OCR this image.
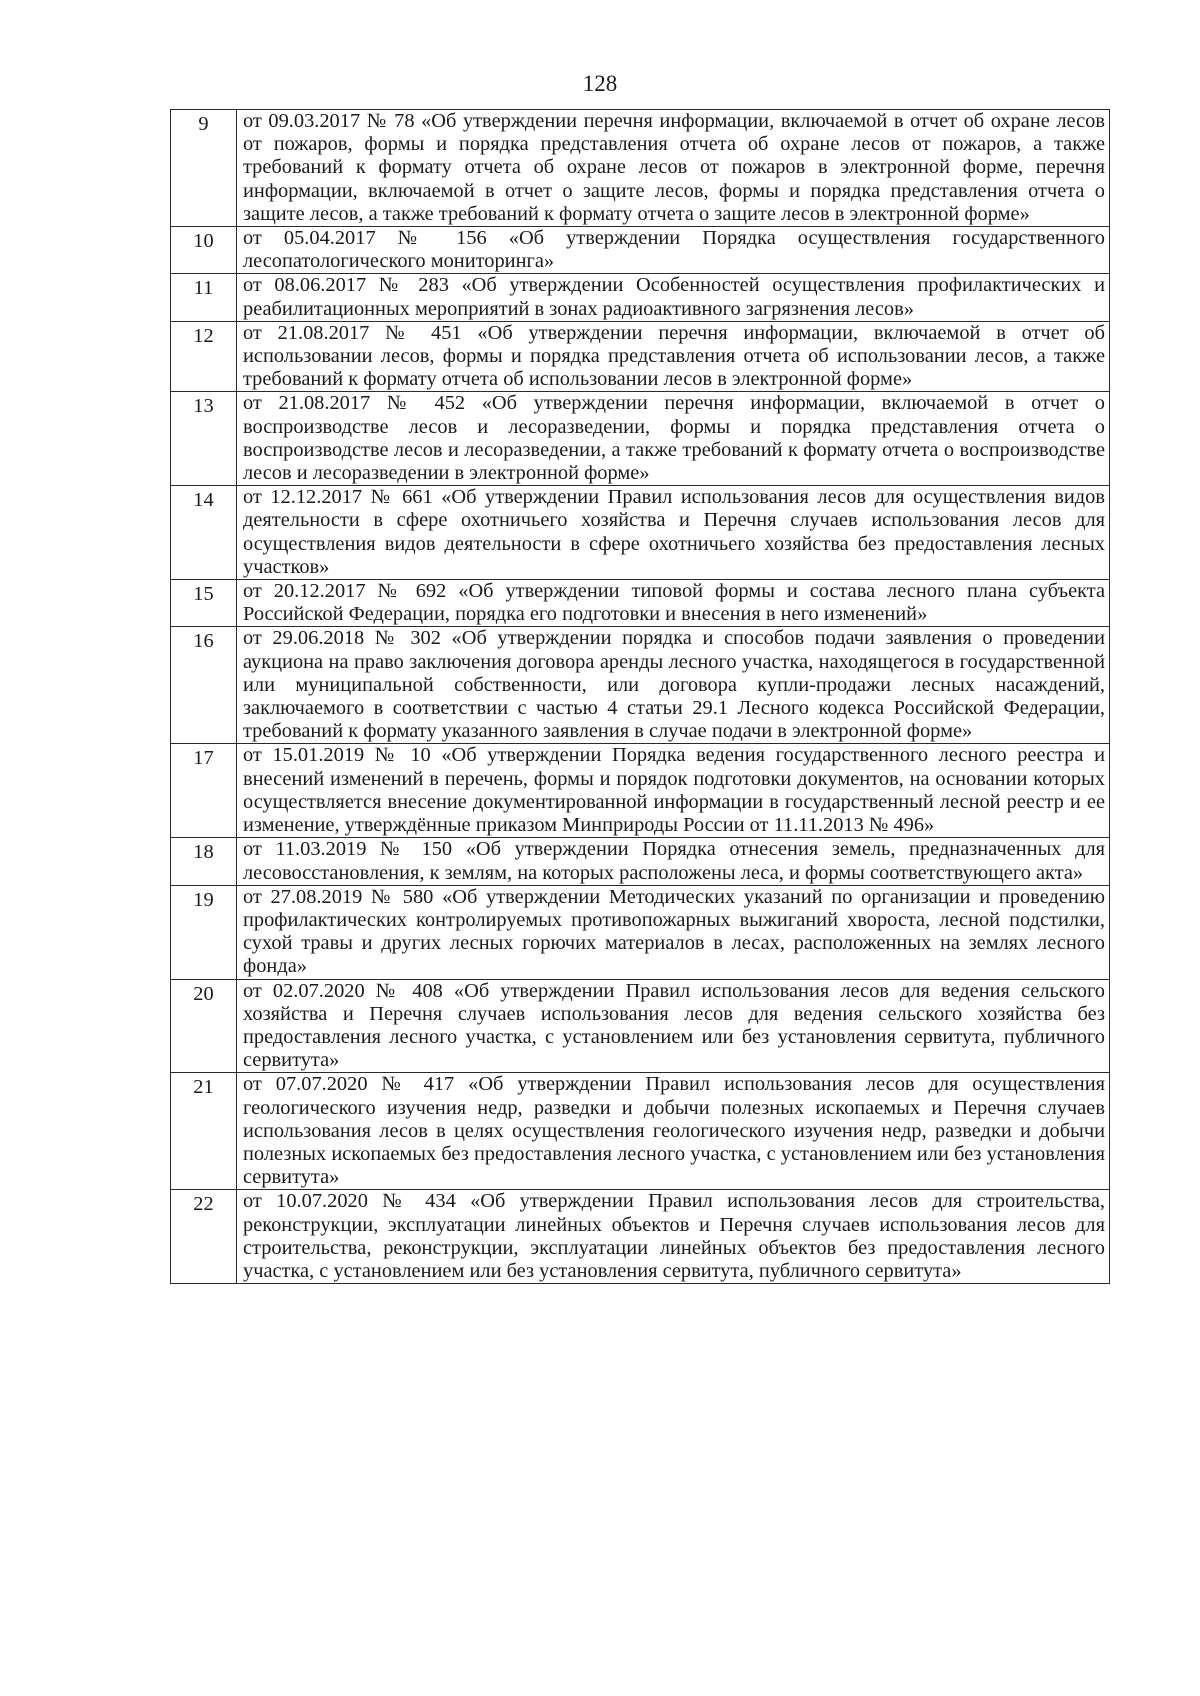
128
9	от 09.03.2017 № 78 «Об утверждении перечня информации, включаемой в отчет об охране лесов от пожаров, формы и порядка представления отчета об охране лесов от пожаров, а также требований к формату отчета об охране лесов от пожаров в электронной форме, перечня информации, включаемой в отчет о защите лесов, формы и порядка представления отчета о защите лесов, а также требований к формату отчета о защите лесов в электронной форме»
10	от 05.04.2017 № 156 «Об утверждении Порядка осуществления государственного лесопатологического мониторинга»
11	от 08.06.2017 № 283 «Об утверждении Особенностей осуществления профилактических и реабилитационных мероприятий в зонах радиоактивного загрязнения лесов»
12	от 21.08.2017 № 451 «Об утверждении перечня информации, включаемой в отчет об использовании лесов, формы и порядка представления отчета об использовании лесов, а также требований к формату отчета об использовании лесов в электронной форме»
13	от 21.08.2017 № 452 «Об утверждении перечня информации, включаемой в отчет о воспроизводстве лесов и лесоразведении, формы и порядка представления отчета о воспроизводстве лесов и лесоразведении, а также требований к формату отчета о воспроизводстве лесов и лесоразведении в электронной форме»
14	от 12.12.2017 № 661 «Об утверждении Правил использования лесов для осуществления видов деятельности в сфере охотничьего хозяйства и Перечня случаев использования лесов для осуществления видов деятельности в сфере охотничьего хозяйства без предоставления лесных участков»
15	от 20.12.2017 № 692 «Об утверждении типовой формы и состава лесного плана субъекта Российской Федерации, порядка его подготовки и внесения в него изменений»
16	от 29.06.2018 № 302 «Об утверждении порядка и способов подачи заявления о проведении аукциона на право заключения договора аренды лесного участка, находящегося в государственной или муниципальной собственности, или договора купли-продажи лесных насаждений, заключаемого в соответствии с частью 4 статьи 29.1 Лесного кодекса Российской Федерации, требований к формату указанного заявления в случае подачи в электронной форме»
17	от 15.01.2019 № 10 «Об утверждении Порядка ведения государственного лесного реестра и внесений изменений в перечень, формы и порядок подготовки документов, на основании которых осуществляется внесение документированной информации в государственный лесной реестр и ее изменение, утверждённые приказом Минприроды России от 11.11.2013 № 496»
18	от 11.03.2019 № 150 «Об утверждении Порядка отнесения земель, предназначенных для лесовосстановления, к землям, на которых расположены леса, и формы соответствующего акта»
19	от 27.08.2019 № 580 «Об утверждении Методических указаний по организации и проведению профилактических контролируемых противопожарных выжиганий хвороста, лесной подстилки, сухой травы и других лесных горючих материалов в лесах, расположенных на землях лесного фонда»
20	от 02.07.2020 № 408 «Об утверждении Правил использования лесов для ведения сельского хозяйства и Перечня случаев использования лесов для ведения сельского хозяйства без предоставления лесного участка, с установлением или без установления сервитута, публичного сервитута»
21	от 07.07.2020 № 417 «Об утверждении Правил использования лесов для осуществления геологического изучения недр, разведки и добычи полезных ископаемых и Перечня случаев использования лесов в целях осуществления геологического изучения недр, разведки и добычи полезных ископаемых без предоставления лесного участка, с установлением или без установления сервитута»
22	от 10.07.2020 № 434 «Об утверждении Правил использования лесов для строительства, реконструкции, эксплуатации линейных объектов и Перечня случаев использования лесов для строительства, реконструкции, эксплуатации линейных объектов без предоставления лесного участка, с установлением или без установления сервитута, публичного сервитута»
